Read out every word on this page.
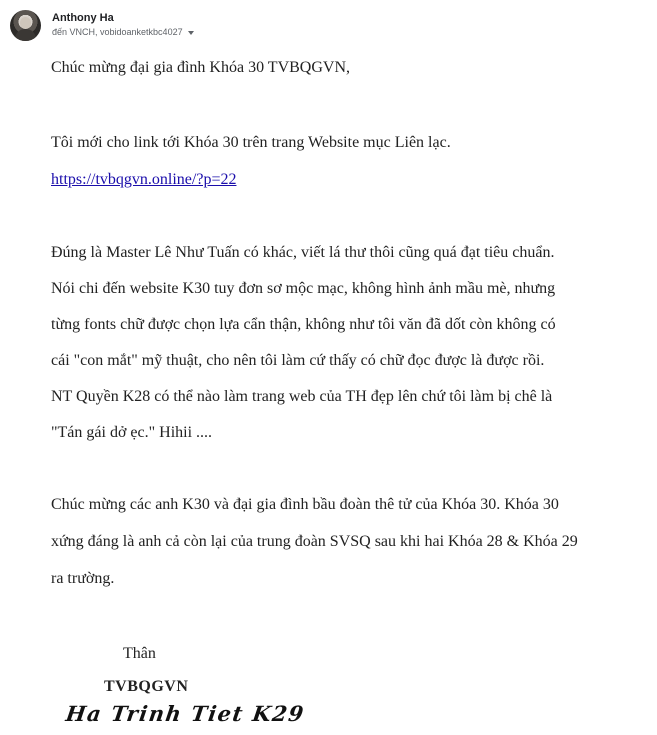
Anthony Ha
đến VNCH, vobidoanketkbc4027

Chúc mừng đại gia đình Khóa 30 TVBQGVN,

Tôi mới cho link tới Khóa 30 trên trang Website mục Liên lạc.

https://tvbqgvn.online/?p=22

Đúng là Master Lê Như Tuấn có khác, viết lá thư thôi cũng quá đạt tiêu chuẩn.

Nói chi đến website K30 tuy đơn sơ mộc mạc, không hình ảnh mầu mè, nhưng

từng fonts chữ được chọn lựa cẩn thận, không như tôi văn đã dốt còn không có

cái "con mắt" mỹ thuật, cho nên tôi làm cứ thấy có chữ đọc được là được rồi.

NT Quyền K28 có thể nào làm trang web của TH đẹp lên chứ tôi làm bị chê là

"Tán gái dở ẹc." Hihii ....

Chúc mừng các anh K30 và đại gia đình bầu đoàn thê tử của Khóa 30. Khóa 30

xứng đáng là anh cả còn lại của trung đoàn SVSQ sau khi hai Khóa 28 & Khóa 29

ra trường.

Thân
TVBQGVN
Ha Trinh Tiet K29
